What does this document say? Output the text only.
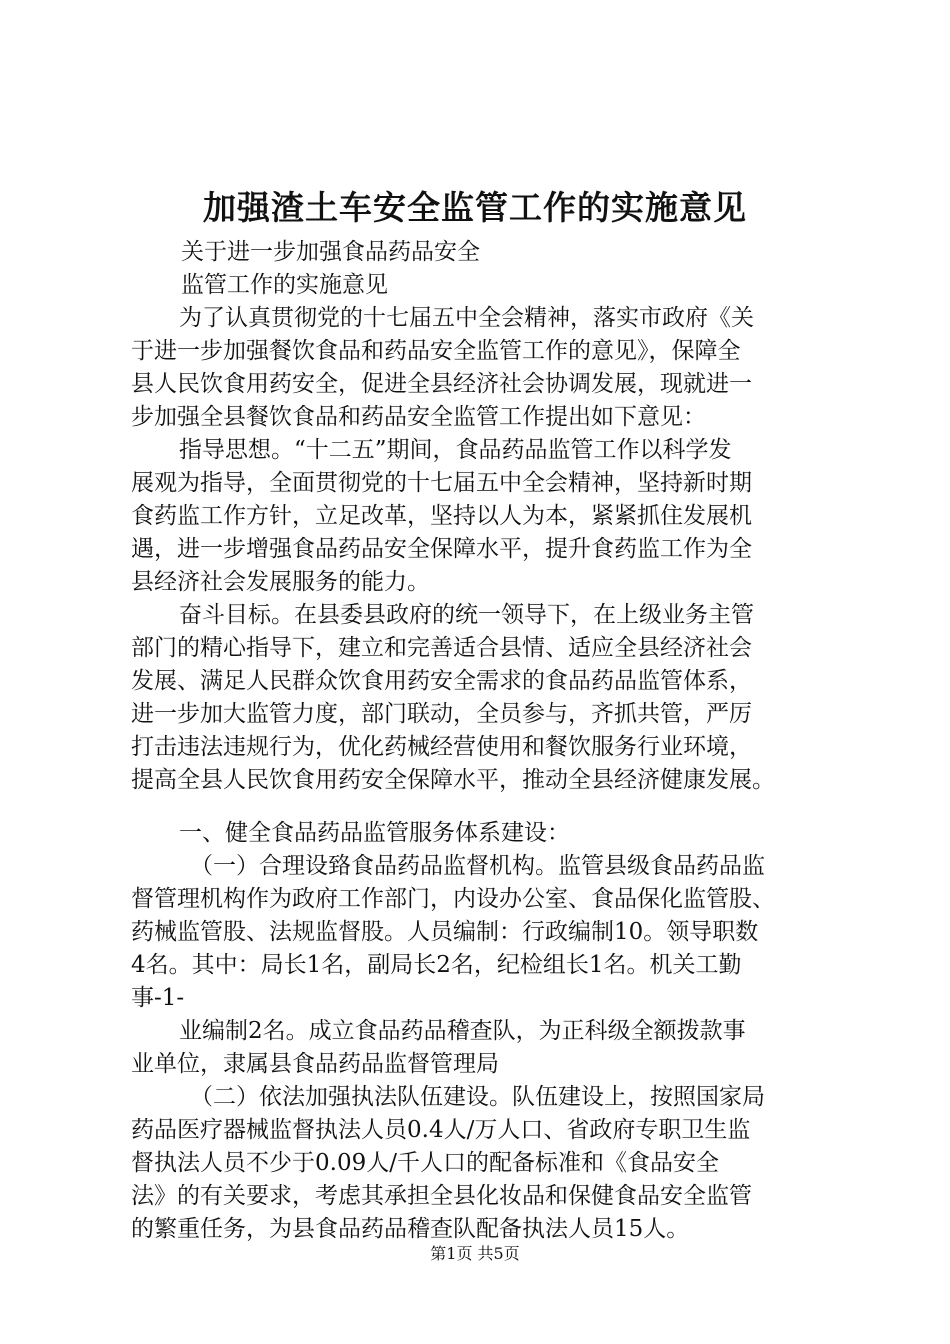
加强渣土车安全监管工作的实施意见
关于进一步加强食品药品安全
监管工作的实施意见
为了认真贯彻党的十七届五中全会精神，落实市政府《关
于进一步加强餐饮食品和药品安全监管工作的意见》，保障全
县人民饮食用药安全，促进全县经济社会协调发展，现就进一
步加强全县餐饮食品和药品安全监管工作提出如下意见：
指导思想。“十二五”期间，食品药品监管工作以科学发
展观为指导，全面贯彻党的十七届五中全会精神，坚持新时期
食药监工作方针，立足改革，坚持以人为本，紧紧抓住发展机
遇，进一步增强食品药品安全保障水平，提升食药监工作为全
县经济社会发展服务的能力。
奋斗目标。在县委县政府的统一领导下，在上级业务主管
部门的精心指导下，建立和完善适合县情、适应全县经济社会
发展、满足人民群众饮食用药安全需求的食品药品监管体系，
进一步加大监管力度，部门联动，全员参与，齐抓共管，严厉
打击违法违规行为，优化药械经营使用和餐饮服务行业环境，
提高全县人民饮食用药安全保障水平，推动全县经济健康发展。
一、健全食品药品监管服务体系建设：
（一）合理设臵食品药品监督机构。监管县级食品药品监
督管理机构作为政府工作部门，内设办公室、食品保化监管股、
药械监管股、法规监督股。人员编制：行政编制10。领导职数
4名。其中：局长1名，副局长2名，纪检组长1名。机关工勤
事-1-
业编制2名。成立食品药品稽查队，为正科级全额拨款事
业单位，隶属县食品药品监督管理局
（二）依法加强执法队伍建设。队伍建设上，按照国家局
药品医疗器械监督执法人员0.4人/万人口、省政府专职卫生监
督执法人员不少于0.09人/千人口的配备标准和《食品安全
法》的有关要求，考虑其承担全县化妆品和保健食品安全监管
的繁重任务，为县食品药品稽查队配备执法人员15人。
第1页 共5页
